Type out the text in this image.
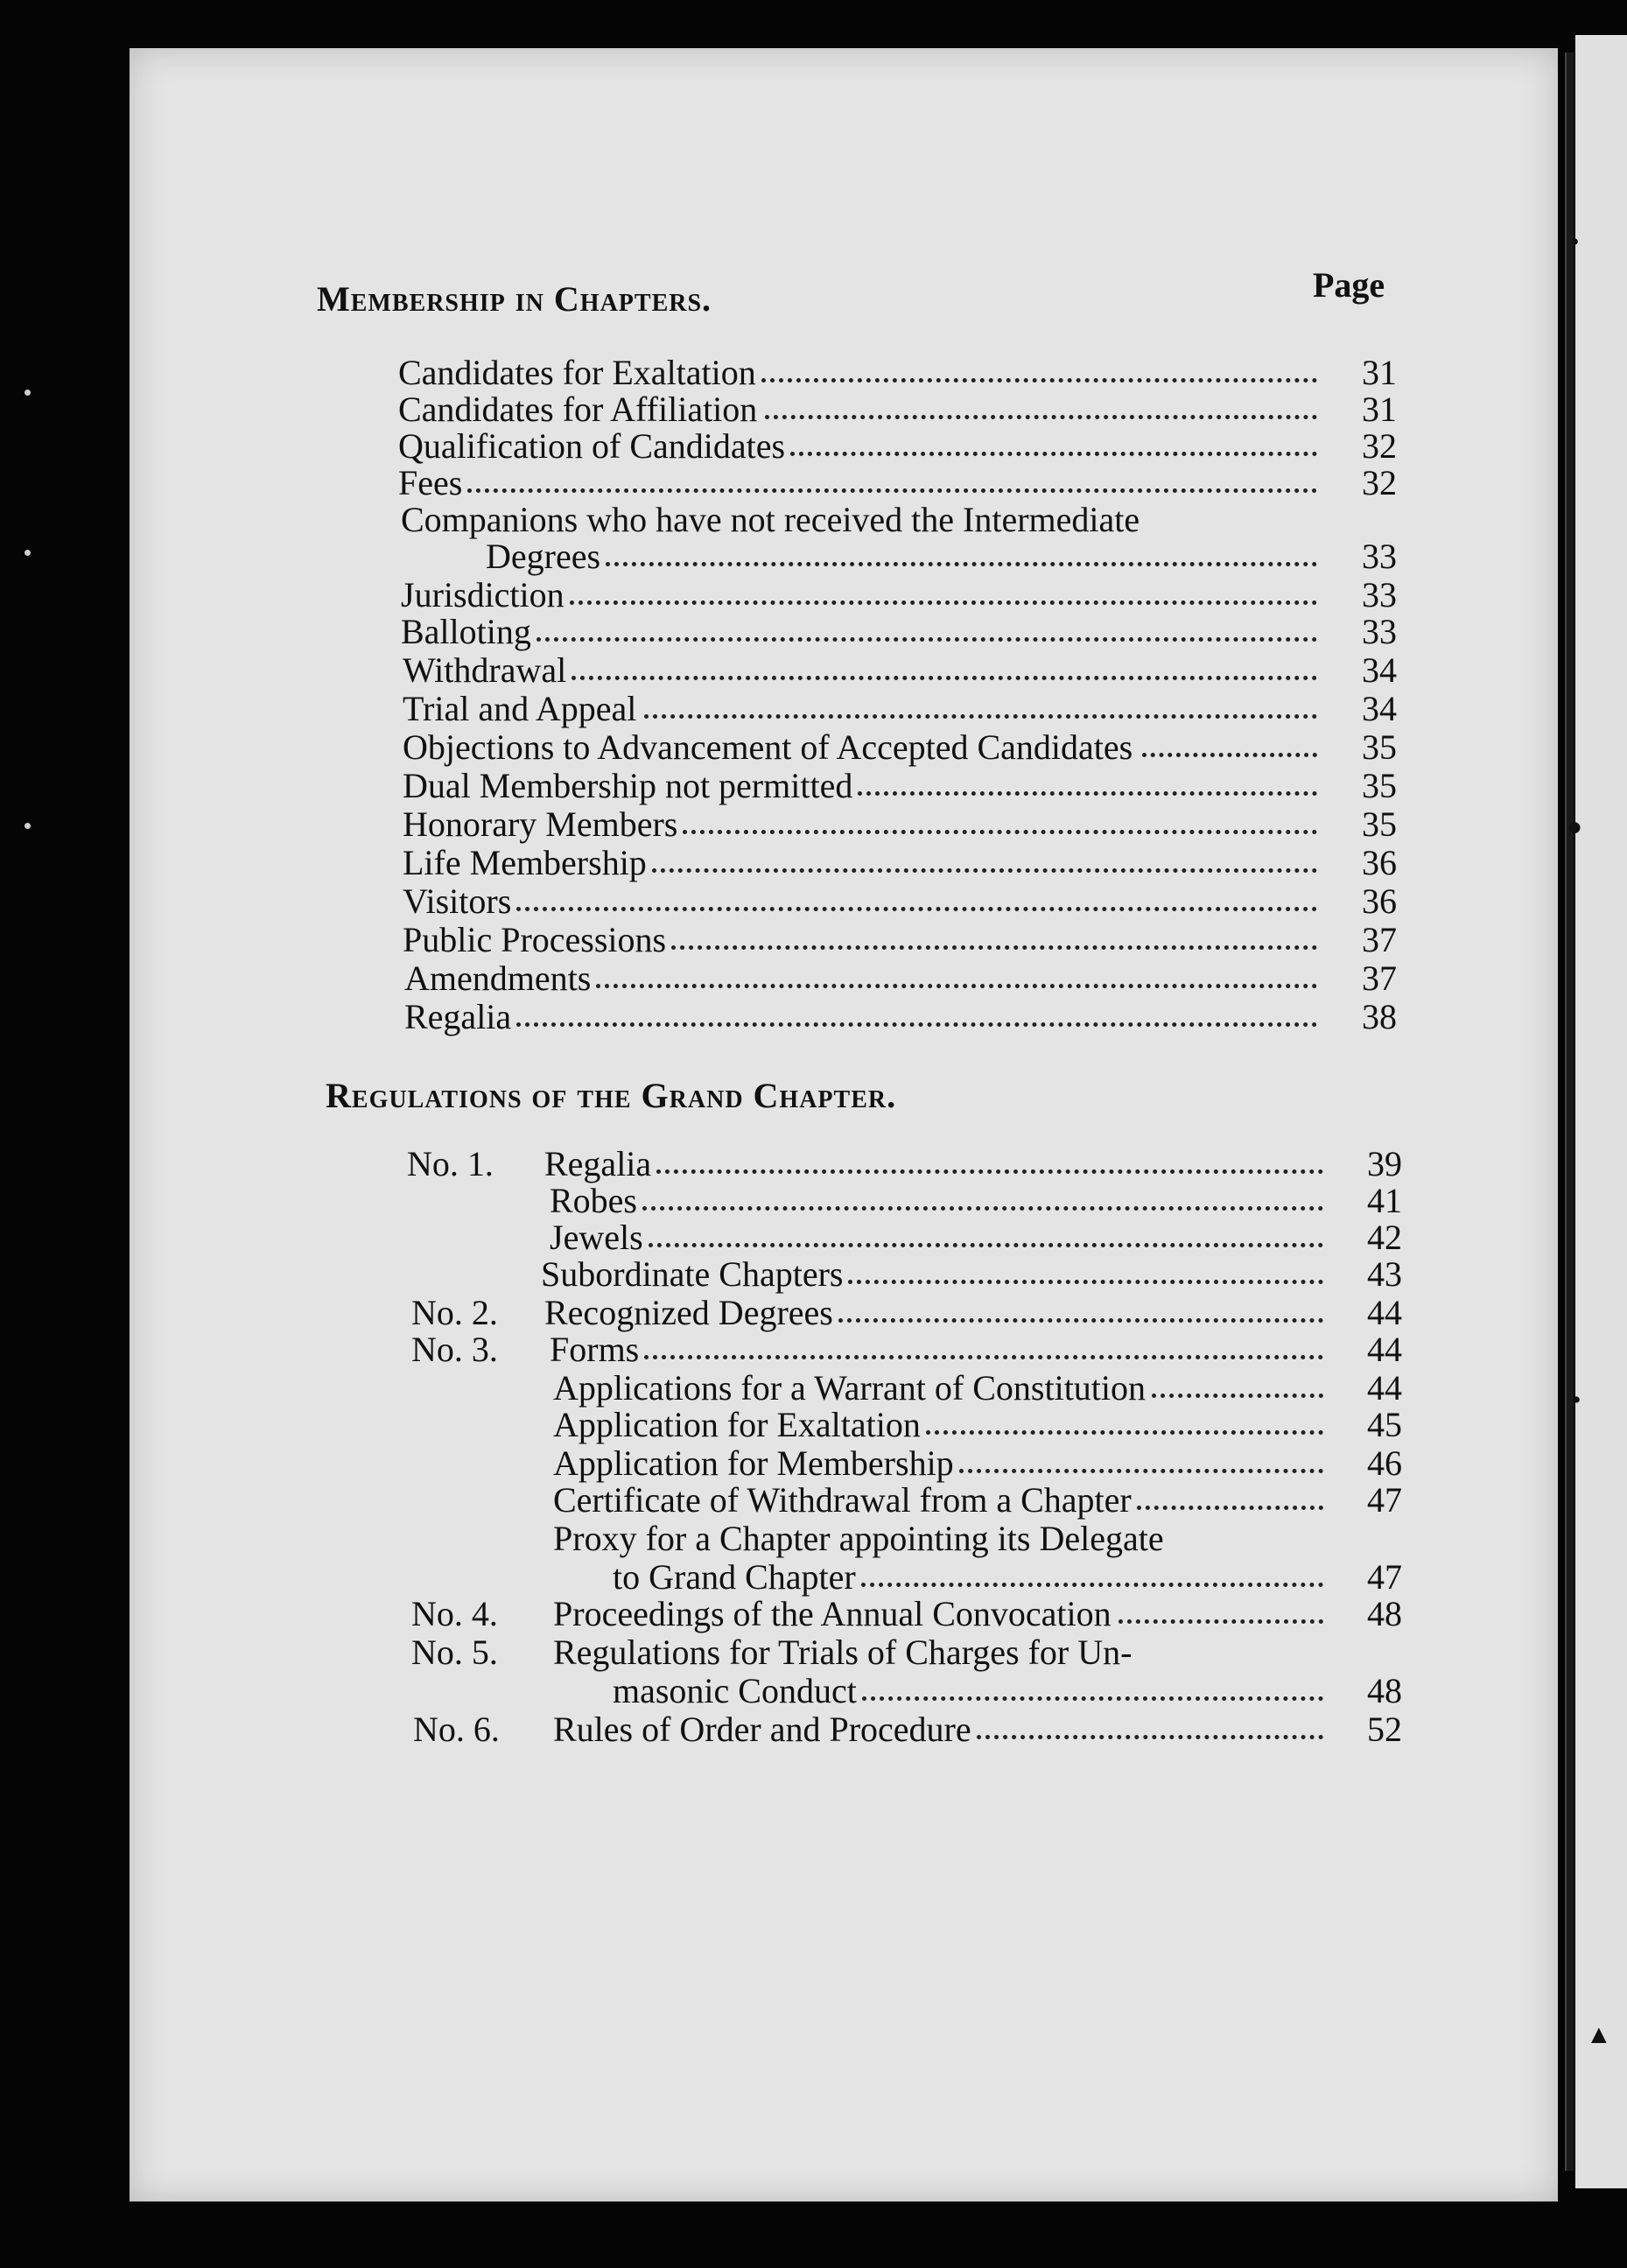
•
●
•
▲
Membership in Chapters.	Page
Candidates for Exaltation	31
Candidates for Affiliation	31
Qualification of Candidates	32
Fees	32
Companions who have not received the Intermediate
Degrees	33
Jurisdiction	33
Balloting	33
Withdrawal	34
Trial and Appeal	34
Objections to Advancement of Accepted Candidates	35
Dual Membership not permitted	35
Honorary Members	35
Life Membership	36
Visitors	36
Public Processions	37
Amendments	37
Regalia	38
Regulations of the Grand Chapter.
No. 1. Regalia	39
Robes	41
Jewels	42
Subordinate Chapters	43
No. 2. Recognized Degrees	44
No. 3. Forms	44
Applications for a Warrant of Constitution	44
Application for Exaltation	45
Application for Membership	46
Certificate of Withdrawal from a Chapter	47
Proxy for a Chapter appointing its Delegate
to Grand Chapter	47
No. 4. Proceedings of the Annual Convocation	48
No. 5. Regulations for Trials of Charges for Un-
masonic Conduct	48
No. 6. Rules of Order and Procedure	52
